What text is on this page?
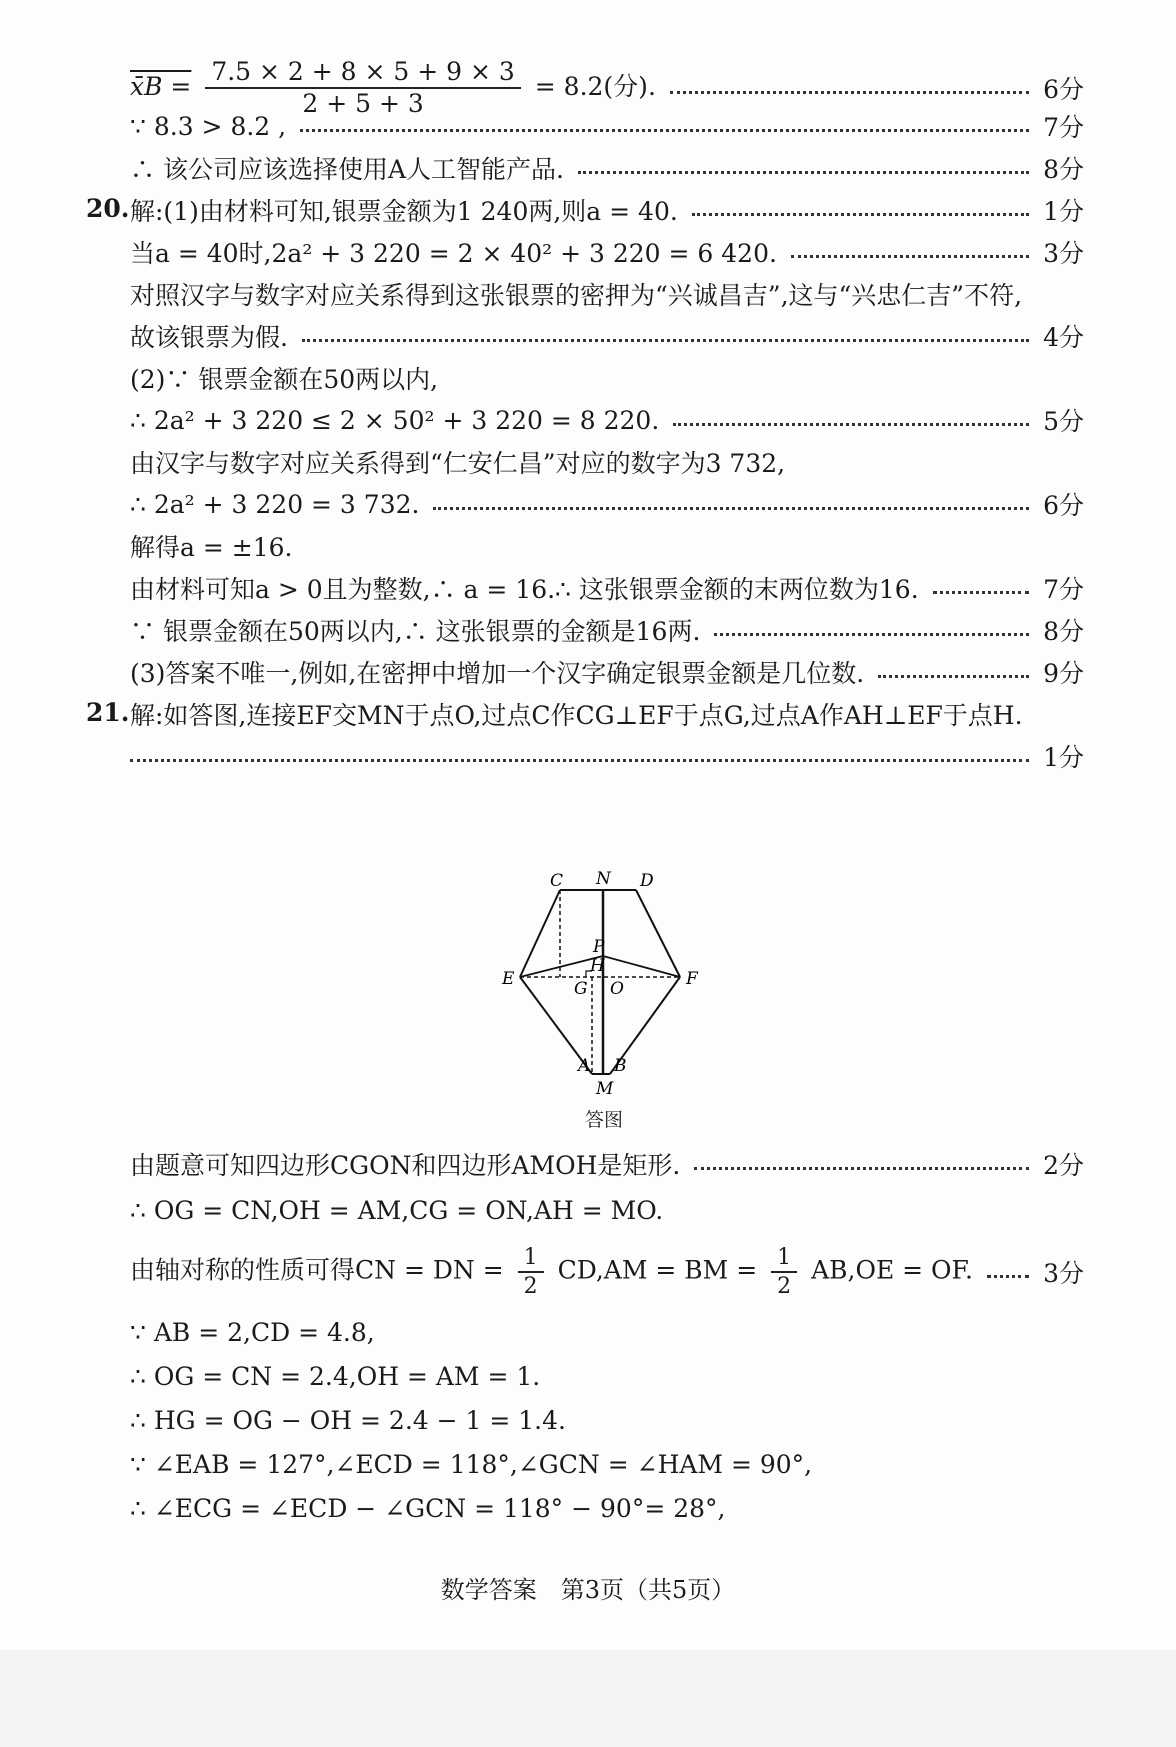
x̄B = $\frac{7.5 \times 2 + 8 \times 5 + 9 \times 3}{2 + 5 + 3} = 8.2$(分).	6分
∵ 8.3 > 8.2 ,	7分
∴ 该公司应该选择使用A人工智能产品.	8分
20. 解:(1)由材料可知,银票金额为1 240两,则a = 40.	1分
当a = 40时,2a² + 3 220 = 2 × 40² + 3 220 = 6 420.	3分
对照汉字与数字对应关系得到这张银票的密押为“兴诚昌吉”,这与“兴忠仁吉”不符,
故该银票为假.	4分
(2)∵ 银票金额在50两以内,
∴ 2a² + 3 220 ≤ 2 × 50² + 3 220 = 8 220.	5分
由汉字与数字对应关系得到“仁安仁昌”对应的数字为3 732,
∴ 2a² + 3 220 = 3 732.	6分
解得a = ±16.
由材料可知a > 0且为整数,∴ a = 16.∴ 这张银票金额的末两位数为16.	7分
∵ 银票金额在50两以内,∴ 这张银票的金额是16两.	8分
(3)答案不唯一,例如,在密押中增加一个汉字确定银票金额是几位数.	9分
21. 解:如答图,连接EF交MN于点O,过点C作CG⊥EF于点G,过点A作AH⊥EF于点H.
1分
C N D
P
H
E	G O	F
A
M
B
答图
由题意可知四边形CGON和四边形AMOH是矩形.	2分
∴ OG = CN,OH = AM,CG = ON,AH = MO.
由轴对称的性质可得CN = DN = $\frac{1}{2} CD,AM$ = BM = $\frac{1}{2} AB,OE$ = OF.	3分
∵ AB = 2,CD = 4.8,
∴ OG = CN = 2.4,OH = AM = 1.
∴ HG = OG − OH = 2.4 − 1 = 1.4.
∵ ∠EAB = 127°,∠ECD = 118°,∠GCN = ∠HAM = 90°,
∴ ∠ECG = ∠ECD − ∠GCN = 118° − 90°= 28°,
数学答案　第3页（共5页）
